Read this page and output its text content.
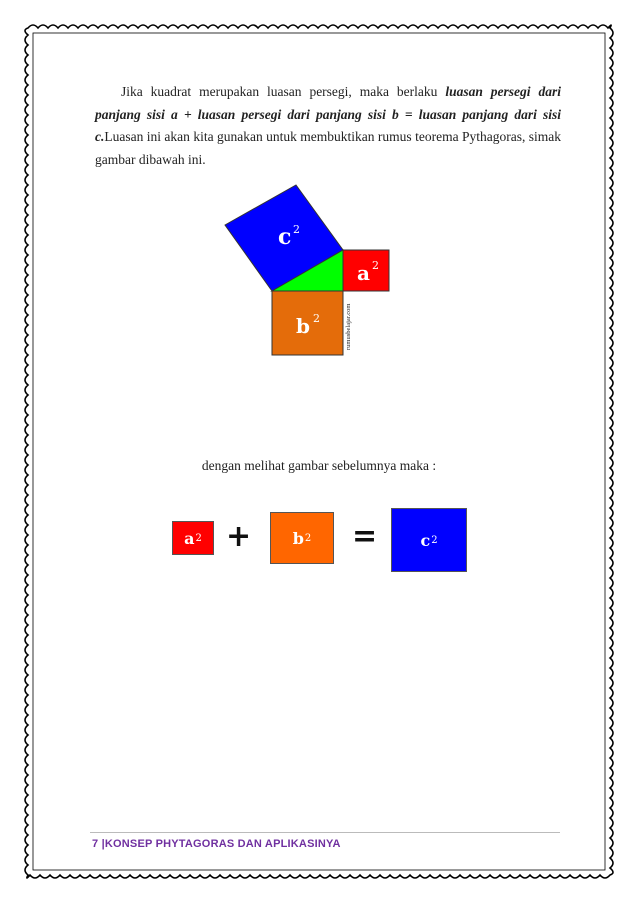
Jika kuadrat merupakan luasan persegi, maka berlaku luasan persegi dari panjang sisi a + luasan persegi dari panjang sisi b = luasan panjang dari sisi c.Luasan ini akan kita gunakan untuk membuktikan rumus teorema Pythagoras, simak gambar dibawah ini.
c 2
a 2
b 2	rumusbelajar.com
dengan melihat gambar sebelumnya maka :
a 2 +	b 2 =	c 2
7 |KONSEP PHYTAGORAS DAN APLIKASINYA
